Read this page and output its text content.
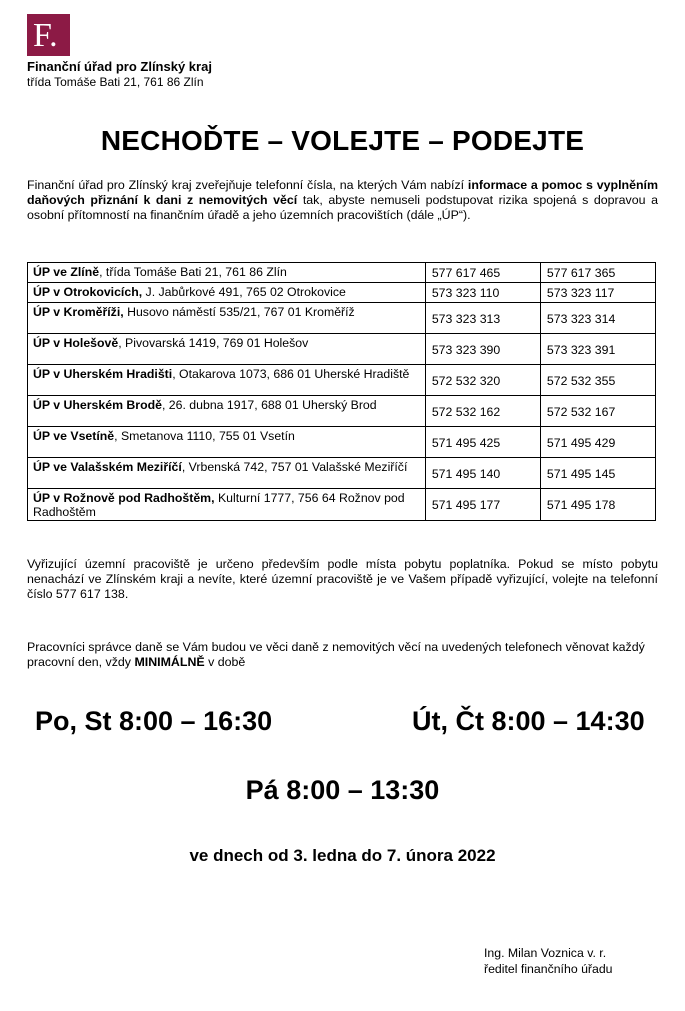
F.
Finanční úřad pro Zlínský kraj
třída Tomáše Bati 21, 761 86 Zlín
NECHOĎTE – VOLEJTE – PODEJTE
Finanční úřad pro Zlínský kraj zveřejňuje telefonní čísla, na kterých Vám nabízí informace a pomoc s vyplněním daňových přiznání k dani z nemovitých věcí tak, abyste nemuseli podstupovat rizika spojená s dopravou a osobní přítomností na finančním úřadě a jeho územních pracovištích (dále „ÚP“).
ÚP ve Zlíně, třída Tomáše Bati 21, 761 86 Zlín	577 617 465	577 617 365
ÚP v Otrokovicích, J. Jabůrkové 491, 765 02 Otrokovice	573 323 110	573 323 117
ÚP v Kroměříži, Husovo náměstí 535/21, 767 01 Kroměříž	573 323 313	573 323 314
ÚP v Holešově, Pivovarská 1419, 769 01 Holešov	573 323 390	573 323 391
ÚP v Uherském Hradišti, Otakarova 1073, 686 01 Uherské Hradiště	572 532 320	572 532 355
ÚP v Uherském Brodě, 26. dubna 1917, 688 01 Uherský Brod	572 532 162	572 532 167
ÚP ve Vsetíně, Smetanova 1110, 755 01 Vsetín	571 495 425	571 495 429
ÚP ve Valašském Meziříčí, Vrbenská 742, 757 01 Valašské Meziříčí	571 495 140	571 495 145
ÚP v Rožnově pod Radhoštěm, Kulturní 1777, 756 64 Rožnov pod Radhoštěm	571 495 177	571 495 178
Vyřizující územní pracoviště je určeno především podle místa pobytu poplatníka. Pokud se místo pobytu nenachází ve Zlínském kraji a nevíte, které územní pracoviště je ve Vašem případě vyřizující, volejte na telefonní číslo 577 617 138.
Pracovníci správce daně se Vám budou ve věci daně z nemovitých věcí na uvedených telefonech věnovat každý pracovní den, vždy MINIMÁLNĚ v době
Po, St 8:00 – 16:30	Út, Čt 8:00 – 14:30
Pá 8:00 – 13:30
ve dnech od 3. ledna do 7. února 2022
Ing. Milan Voznica v. r.
ředitel finančního úřadu
